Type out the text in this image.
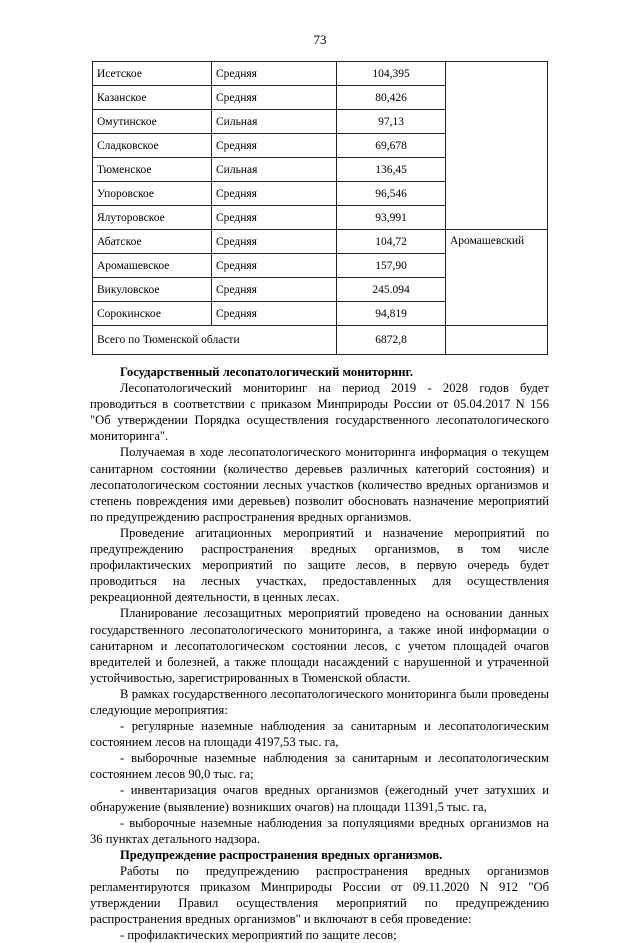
73
Исетское	Средняя	104,395	
Казанское	Средняя	80,426	
Омутинское	Сильная	97,13	
Сладковское	Средняя	69,678	
Тюменское	Сильная	136,45	
Упоровское	Средняя	96,546	
Ялуторовское	Средняя	93,991	
Абатское	Средняя	104,72	Аромашевский
Аромашевское	Средняя	157,90	
Викуловское	Средняя	245.094	
Сорокинское	Средняя	94,819	
Всего по Тюменской области		6872,8	

Государственный лесопатологический мониторинг.

Лесопатологический мониторинг на период 2019 - 2028 годов будет проводиться в соответствии с приказом Минприроды России от 05.04.2017 N 156 "Об утверждении Порядка осуществления государственного лесопатологического мониторинга".

Получаемая в ходе лесопатологического мониторинга информация о текущем санитарном состоянии (количество деревьев различных категорий состояния) и лесопатологическом состоянии лесных участков (количество вредных организмов и степень повреждения ими деревьев) позволит обосновать назначение мероприятий по предупреждению распространения вредных организмов.

Проведение агитационных мероприятий и назначение мероприятий по предупреждению распространения вредных организмов, в том числе профилактических мероприятий по защите лесов, в первую очередь будет проводиться на лесных участках, предоставленных для осуществления рекреационной деятельности, в ценных лесах.

Планирование лесозащитных мероприятий проведено на основании данных государственного лесопатологического мониторинга, а также иной информации о санитарном и лесопатологическом состоянии лесов, с учетом площадей очагов вредителей и болезней, а также площади насаждений с нарушенной и утраченной устойчивостью, зарегистрированных в Тюменской области.

В рамках государственного лесопатологического мониторинга были проведены следующие мероприятия:

- регулярные наземные наблюдения за санитарным и лесопатологическим состоянием лесов на площади 4197,53 тыс. га,

- выборочные наземные наблюдения за санитарным и лесопатологическим состоянием лесов 90,0 тыс. га;

- инвентаризация очагов вредных организмов (ежегодный учет затухших и обнаружение (выявление) возникших очагов) на площади 11391,5 тыс. га,

- выборочные наземные наблюдения за популяциями вредных организмов на 36 пунктах детального надзора.

Предупреждение распространения вредных организмов.

Работы по предупреждению распространения вредных организмов регламентируются приказом Минприроды России от 09.11.2020 N 912 "Об утверждении Правил осуществления мероприятий по предупреждению распространения вредных организмов" и включают в себя проведение:

- профилактических мероприятий по защите лесов;
